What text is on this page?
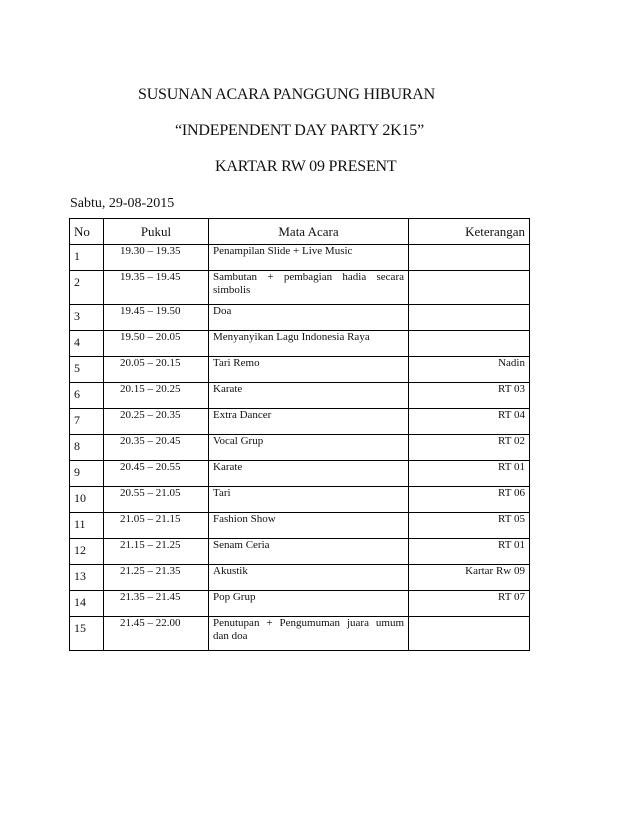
SUSUNAN ACARA PANGGUNG HIBURAN
“INDEPENDENT DAY PARTY 2K15”
KARTAR RW 09 PRESENT
Sabtu, 29-08-2015
No	Pukul	Mata Acara	Keterangan
1	19.30 – 19.35	Penampilan Slide + Live Music	
2	19.35 – 19.45	Sambutan + pembagian hadia secara simbolis	
3	19.45 – 19.50	Doa	
4	19.50 – 20.05	Menyanyikan Lagu Indonesia Raya	
5	20.05 – 20.15	Tari Remo	Nadin
6	20.15 – 20.25	Karate	RT 03
7	20.25 – 20.35	Extra Dancer	RT 04
8	20.35 – 20.45	Vocal Grup	RT 02
9	20.45 – 20.55	Karate	RT 01
10	20.55 – 21.05	Tari	RT 06
11	21.05 – 21.15	Fashion Show	RT 05
12	21.15 – 21.25	Senam Ceria	RT 01
13	21.25 – 21.35	Akustik	Kartar Rw 09
14	21.35 – 21.45	Pop Grup	RT 07
15	21.45 – 22.00	Penutupan + Pengumuman juara umum dan doa	
